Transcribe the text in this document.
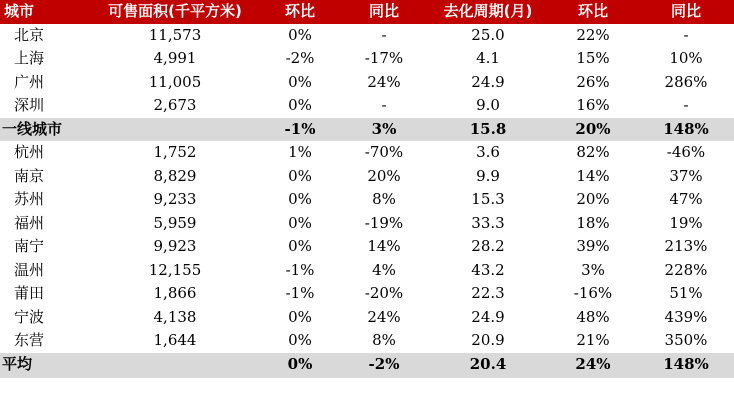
城市	可售面积(千平方米)	环比	同比	去化周期(月)	环比	同比
北京	11,573	0%	-	25.0	22%	-
上海	4,991	-2%	-17%	4.1	15%	10%
广州	11,005	0%	24%	24.9	26%	286%
深圳	2,673	0%	-	9.0	16%	-
一线城市		-1%	3%	15.8	20%	148%
杭州	1,752	1%	-70%	3.6	82%	-46%
南京	8,829	0%	20%	9.9	14%	37%
苏州	9,233	0%	8%	15.3	20%	47%
福州	5,959	0%	-19%	33.3	18%	19%
南宁	9,923	0%	14%	28.2	39%	213%
温州	12,155	-1%	4%	43.2	3%	228%
莆田	1,866	-1%	-20%	22.3	-16%	51%
宁波	4,138	0%	24%	24.9	48%	439%
东营	1,644	0%	8%	20.9	21%	350%
平均		0%	-2%	20.4	24%	148%
